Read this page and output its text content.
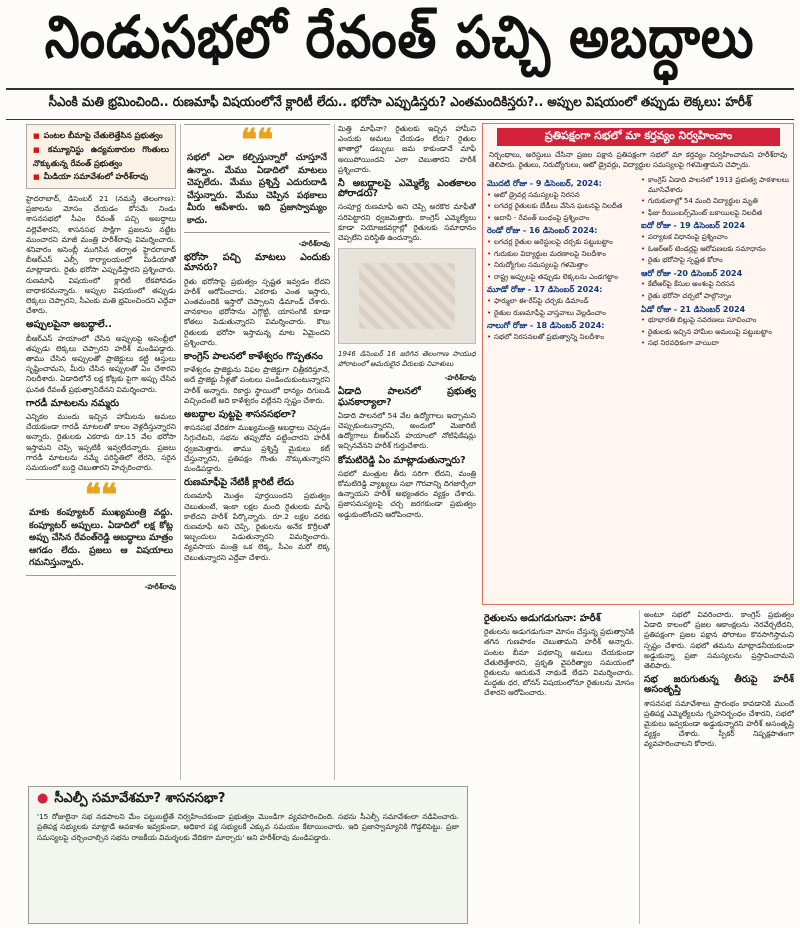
నిండుసభలో రేవంత్ పచ్చి అబద్ధాలు
సీఎంకి మతి భ్రమించింది.. రుణమాఫీ విషయంలోనే క్లారిటీ లేదు.. భరోసా ఎప్పుడిస్తరు? ఎంతమందికిస్తరు?.. అప్పుల విషయంలో తప్పుడు లెక్కలు: హరీశ్
■ పంటల బీమాపై చేతులెత్తేసిన ప్రభుత్వం
■ కమ్యూనిస్టు ఉద్యమకారుల గొంతులు నొక్కుతున్న రేవంత్ ప్రభుత్వం
■ మీడియా సమావేశంలో హరీశ్‌రావు

హైదరాబాద్, డిసెంబర్ 21 (నమస్తే తెలంగాణ): ప్రజాలను మోసం చేయడం కోసమే నిండు శాసనసభలో సీఎం రేవంత్ పచ్చి అబద్ధాలు వల్లెవేశారని, శాసనసభ సాక్షిగా ప్రజలను నట్టేట ముంచారని మాజీ మంత్రి హరీశ్‌రావు విమర్శించారు. శనివారం అసెంబ్లీ ముగిసిన తర్వాత హైదరాబాద్ బీఆర్‌ఎస్ ఎల్పీ కార్యాలయంలో మీడియాతో మాట్లాడారు. రైతు భరోసా ఎప్పుడిస్తారని ప్రశ్నించారు. రుణమాఫీ విషయంలో క్లారిటీ లేకపోవడం బాధాకరమన్నారు. అప్పుల విషయంలో తప్పుడు లెక్కలు చెప్పారని, సీఎంకు మతి భ్రమించిందని ఎద్దేవా చేశారు.

అప్పులపైనా అబద్ధాలే..

బీఆర్‌ఎస్ హయాంలో చేసిన అప్పులపై అసెంబ్లీలో తప్పుడు లెక్కలు చెప్పారని హరీశ్ మండిపడ్డారు. తాము చేసిన అప్పులతో ప్రాజెక్టులు కట్టి ఆస్తులు సృష్టించామని, మీరు చేసిన అప్పులతో ఏం చేశారని నిలదీశారు. ఏడాదిలోనే లక్ష కోట్లకు పైగా అప్పు చేసిన ఘనత రేవంత్ ప్రభుత్వానిదేనని విమర్శించారు.

గారడీ మాటలను నమ్మరు

ఎన్నికల ముందు ఇచ్చిన హామీలను అమలు చేయకుండా గారడీ మాటలతో కాలం వెళ్లదీస్తున్నారని అన్నారు. రైతులకు ఎకరాకు రూ.15 వేల భరోసా ఇస్తామని చెప్పి ఇప్పటికీ ఇవ్వలేదన్నారు. ప్రజలు గారడీ మాటలను నమ్మే పరిస్థితిలో లేరని, సరైన సమయంలో బుద్ధి చెబుతారని హెచ్చరించారు.

❝❝
మాకు కంప్యూటర్ ముఖ్యమంత్రి వద్దు. కంప్యూటర్ అప్పులు. ఏడాదిలో లక్ష కోట్ల అప్పు చేసిన రేవంత్‌రెడ్డి అబద్ధాలు మాత్రం ఆగడం లేదు. ప్రజలు ఆ విషయాలు గమనిస్తున్నారు.
-హరీశ్‌రావు
❝❝
సభలో ఎలా కల్పిస్తున్నారో చూస్తూనే ఉన్నాం. మేము ఏడాదిలో మాటలు చెప్పలేదు. మేము ప్రశ్నిస్తే ఎదురుదాడి చేస్తున్నారు. మేము చెప్పిన పథకాలు మీరు ఆపేశారు. ఇది ప్రజాస్వామ్యం కాదు.
-హరీశ్‌రావు
భరోసా పచ్చి మాటలు ఎందుకు మానరు?

రైతు భరోసాపై ప్రభుత్వం స్పష్టత ఇవ్వడం లేదని హరీశ్ ఆరోపించారు. ఎకరాకు ఎంత ఇస్తారు, ఎంతమందికి ఇస్తారో చెప్పాలని డిమాండ్ చేశారు. వానకాలం భరోసాను ఎగ్గొట్టి, యాసంగికి కూడా కోతలు పెడుతున్నారని విమర్శించారు. కౌలు రైతులకు భరోసా ఇస్తామన్న మాట ఏమైందని ప్రశ్నించారు.

కాంగ్రెస్ పాలనలో కాళేశ్వరం గొప్పతనం

కాళేశ్వరం ప్రాజెక్టును విఫల ప్రాజెక్టుగా చిత్రీకరిస్తూనే, అదే ప్రాజెక్టు నీళ్లతో పంటలు పండించుకుంటున్నారని హరీశ్ అన్నారు. రికార్డు స్థాయిలో ధాన్యం దిగుబడి వచ్చిందంటే అది కాళేశ్వరం వల్లేనని స్పష్టం చేశారు.

అబద్ధాల పుట్టపై శాసనసభలా?

శాసనసభ వేదికగా ముఖ్యమంత్రి అబద్ధాలు చెప్పడం సిగ్గుచేటని, సభను తప్పుదోవ పట్టించారని హరీశ్ ధ్వజమెత్తారు. తాము ప్రశ్నిస్తే మైకులు కట్ చేస్తున్నారని, ప్రతిపక్షం గొంతు నొక్కుతున్నారని మండిపడ్డారు.

రుణమాఫీపై నేటికీ క్లారిటీ లేదు

రుణమాఫీ మొత్తం పూర్తయిందని ప్రభుత్వం చెబుతుంటే, ఇంకా లక్షల మంది రైతులకు మాఫీ కాలేదని హరీశ్ పేర్కొన్నారు. రూ.2 లక్షల వరకు రుణమాఫీ అని చెప్పి, రైతులను అనేక కొర్రీలతో ఇబ్బందులు పెడుతున్నారని విమర్శించారు. వ్యవసాయ మంత్రి ఒక లెక్క, సీఎం మరో లెక్క చెబుతున్నారని ఎద్దేవా చేశారు.

మిత్తి మాఫీనా? రైతులకు ఇచ్చిన హామీని ఎందుకు అమలు చేయడం లేదు? రైతుల ఖాతాల్లో డబ్బులు జమ కాకుండానే మాఫీ అయిపోయిందని ఎలా చెబుతారని హరీశ్ ప్రశ్నించారు.

నీ అబద్ధాలపై ఎమ్మెల్యే ఎంతకాలం పోరాడరు?

సంపూర్ణ రుణమాఫీ అని చెప్పి అరకొర మాఫీతో సరిపెట్టారని ధ్వజమెత్తారు. కాంగ్రెస్ ఎమ్మెల్యేలు కూడా నియోజకవర్గాల్లో రైతులకు సమాధానం చెప్పలేని పరిస్థితి ఉందన్నారు.

1946 డిసెంబర్ 16 జరిగిన తెలంగాణ సాయుధ పోరాటంలో అమరులైన వీరులకు నివాళులు
-హరీశ్‌రావు
ఏడాది పాలనలో ప్రభుత్వ ఘనకార్యాలా?

ఏడాది పాలనలో 54 వేల ఉద్యోగాలు ఇచ్చామని చెప్పుకుంటున్నారని, అందులో మెజారిటీ ఉద్యోగాలు బీఆర్‌ఎస్ హయాంలో నోటిఫికేషన్లు ఇచ్చినవేనని హరీశ్ గుర్తుచేశారు.

కోమటిరెడ్డి ఏం మాట్లాడుతున్నారు?

సభలో మంత్రుల తీరు సరిగా లేదని, మంత్రి కోమటిరెడ్డి వ్యాఖ్యలు సభా గౌరవాన్ని దిగజార్చేలా ఉన్నాయని హరీశ్ అభ్యంతరం వ్యక్తం చేశారు. ప్రజాసమస్యలపై చర్చ జరగకుండా ప్రభుత్వం అడ్డుకుంటోందని ఆరోపించారు.

ప్రతిపక్షంగా సభలో మా కర్తవ్యం నిర్వహించాం

నిర్బంధాలు, అరెస్టులు చేసినా ప్రజల పక్షాన ప్రతిపక్షంగా సభలో మా కర్తవ్యం నిర్వహించామని హరీశ్‌రావు తెలిపారు. రైతులు, నిరుద్యోగులు, ఆటో డ్రైవర్లు, విద్యార్థుల సమస్యలపై గళమెత్తామని చెప్పారు.

మొదటి రోజు - 9 డిసెంబర్, 2024:
• ఆటో డ్రైవర్ల సమస్యలపై నిరసన
• లగచర్ల రైతులకు బేడీలు వేసిన ఘటనపై నిలదీత
• అదానీ - రేవంత్ బంధంపై ప్రశ్నించాం
రెండో రోజు - 16 డిసెంబర్ 2024:
• లగచర్ల రైతుల అరెస్టులపై చర్చకు పట్టుబట్టాం
• గురుకుల విద్యార్థుల మరణాలపై నిలదీశాం
• నిరుద్యోగుల సమస్యలపై గళమెత్తాం
• రాష్ట్ర అప్పులపై తప్పుడు లెక్కలను ఎండగట్టాం
మూడో రోజు - 17 డిసెంబర్ 2024:
• ఫార్ములా ఈ-రేస్‌పై చర్చకు డిమాండ్
• రైతుల రుణమాఫీపై వాస్తవాలు వెల్లడించాం
నాలుగో రోజు - 18 డిసెంబర్ 2024:
• సభలో నిరసనలతో ప్రభుత్వాన్ని నిలదీశాం
• కాంగ్రెస్ ఏడాది పాలనలో 1913 ప్రభుత్వ పాఠశాలలు మూసివేశారు
• గురుకులాల్లో 54 మంది విద్యార్థుల మృతి
• ఫీజు రీయింబర్స్‌మెంట్ బకాయిలపై నిలదీత
ఐదో రోజు - 19 డిసెంబర్ 2024
• పర్యాటక విధానంపై ప్రశ్నించాం
• ఓఆర్ఆర్ టెండర్లపై ఆరోపణలకు సమాధానం
• రైతు భరోసాపై స్పష్టత కోరాం
ఆరో రోజు -20 డిసెంబర్ 2024
• కేటీఆర్‌పై కేసుల అంశంపై నిరసన
• రైతు భరోసా చర్చలో పాల్గొన్నాం
ఏడో రోజు - 21 డిసెంబర్ 2024
• భూభారతి బిల్లుపై సవరణలు సూచించాం
• రైతులకు ఇచ్చిన హామీల అమలుపై పట్టుబట్టాం
• సభ నిరవధికంగా వాయిదా
రైతులను అడుగడుగునా: హరీశ్

రైతులను అడుగడుగునా మోసం చేస్తున్న ప్రభుత్వానికి తగిన గుణపాఠం చెబుతామని హరీశ్ అన్నారు. పంటల బీమా పథకాన్ని అమలు చేయకుండా చేతులెత్తేశారని, ప్రకృతి వైపరీత్యాల సమయంలో రైతులను ఆదుకునే నాథుడే లేడని విమర్శించారు. మద్దతు ధర, బోనస్ విషయంలోనూ రైతులను మోసం చేశారని ఆరోపించారు.

అంటూ సభలో వివరించారు. కాంగ్రెస్ ప్రభుత్వం ఏడాది కాలంలో ప్రజల ఆకాంక్షలను నెరవేర్చలేదని, ప్రతిపక్షంగా ప్రజల పక్షాన పోరాటం కొనసాగిస్తామని స్పష్టం చేశారు. సభలో తమను మాట్లాడనీయకుండా అడ్డుకున్నా ప్రజా సమస్యలను ప్రస్తావించామని తెలిపారు.

సభ జరుగుతున్న తీరుపై హరీశ్ అసంతృప్తి

శాసనసభ సమావేశాలు ప్రారంభం కావడానికి ముందే ప్రతిపక్ష ఎమ్మెల్యేలను గృహనిర్బంధం చేశారని, సభలో మైకులు ఇవ్వకుండా అడ్డుకున్నారని హరీశ్ అసంతృప్తి వ్యక్తం చేశారు. స్పీకర్ నిష్పక్షపాతంగా వ్యవహరించాలని కోరారు.

● సీఎల్పీ సమావేశమా? శాసనసభా?

'15 రోజులైనా సభ నడపాలని మేం పట్టుబట్టితే నిర్వహించకుండా ప్రభుత్వం మొండిగా వ్యవహరించింది. సభను సీఎల్పీ సమావేశంలా నడిపించారు. ప్రతిపక్ష సభ్యులకు మాట్లాడే అవకాశం ఇవ్వకుండా, అధికార పక్ష సభ్యులకే ఎక్కువ సమయం కేటాయించారు. ఇది ప్రజాస్వామ్యానికి గొడ్డలిపెట్టు. ప్రజా సమస్యలపై చర్చించాల్సిన సభను రాజకీయ విమర్శలకు వేదికగా మార్చారు' అని హరీశ్‌రావు మండిపడ్డారు.
